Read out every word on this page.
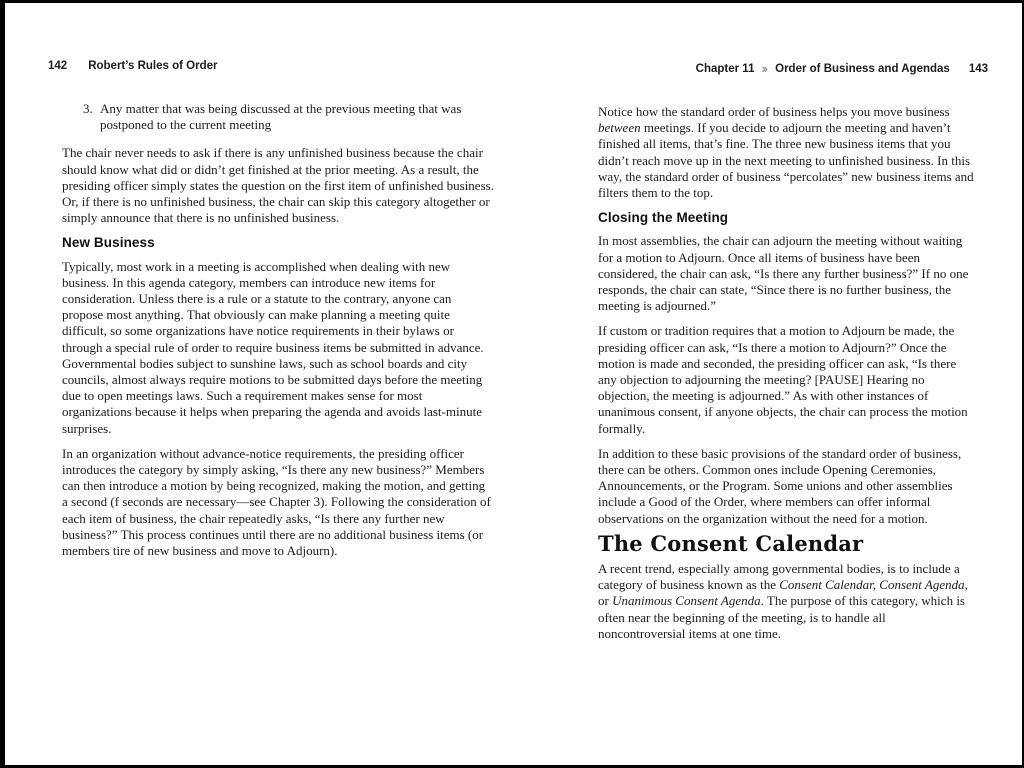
142 Robert’s Rules of Order	Chapter 11 ›› Order of Business and Agendas 143
3. Any matter that was being discussed at the previous meeting that was postponed to the current meeting

The chair never needs to ask if there is any unfinished business because the chair should know what did or didn’t get finished at the prior meeting. As a result, the presiding officer simply states the question on the first item of unfinished business. Or, if there is no unfinished business, the chair can skip this category altogether or simply announce that there is no unfinished business.

New Business

Typically, most work in a meeting is accomplished when dealing with new business. In this agenda category, members can introduce new items for consideration. Unless there is a rule or a statute to the contrary, anyone can propose most anything. That obviously can make planning a meeting quite difficult, so some organizations have notice requirements in their bylaws or through a special rule of order to require business items be submitted in advance. Governmental bodies subject to sunshine laws, such as school boards and city councils, almost always require motions to be submitted days before the meeting due to open meetings laws. Such a requirement makes sense for most organizations because it helps when preparing the agenda and avoids last-minute surprises.

In an organization without advance-notice requirements, the presiding officer introduces the category by simply asking, “Is there any new business?” Members can then introduce a motion by being recognized, making the motion, and getting a second (f seconds are necessary—see Chapter 3). Following the consideration of each item of business, the chair repeatedly asks, “Is there any further new business?” This process continues until there are no additional business items (or members tire of new business and move to Adjourn).

Notice how the standard order of business helps you move business between meetings. If you decide to adjourn the meeting and haven’t finished all items, that’s fine. The three new business items that you didn’t reach move up in the next meeting to unfinished business. In this way, the standard order of business “percolates” new business items and filters them to the top.

Closing the Meeting

In most assemblies, the chair can adjourn the meeting without waiting for a motion to Adjourn. Once all items of business have been considered, the chair can ask, “Is there any further business?” If no one responds, the chair can state, “Since there is no further business, the meeting is adjourned.”

If custom or tradition requires that a motion to Adjourn be made, the presiding officer can ask, “Is there a motion to Adjourn?” Once the motion is made and seconded, the presiding officer can ask, “Is there any objection to adjourning the meeting? [PAUSE] Hearing no objection, the meeting is adjourned.” As with other instances of unanimous consent, if anyone objects, the chair can process the motion formally.

In addition to these basic provisions of the standard order of business, there can be others. Common ones include Opening Ceremonies, Announcements, or the Program. Some unions and other assemblies include a Good of the Order, where members can offer informal observations on the organization without the need for a motion.

The Consent Calendar

A recent trend, especially among governmental bodies, is to include a category of business known as the Consent Calendar, Consent Agenda, or Unanimous Consent Agenda. The purpose of this category, which is often near the beginning of the meeting, is to handle all noncontroversial items at one time.
